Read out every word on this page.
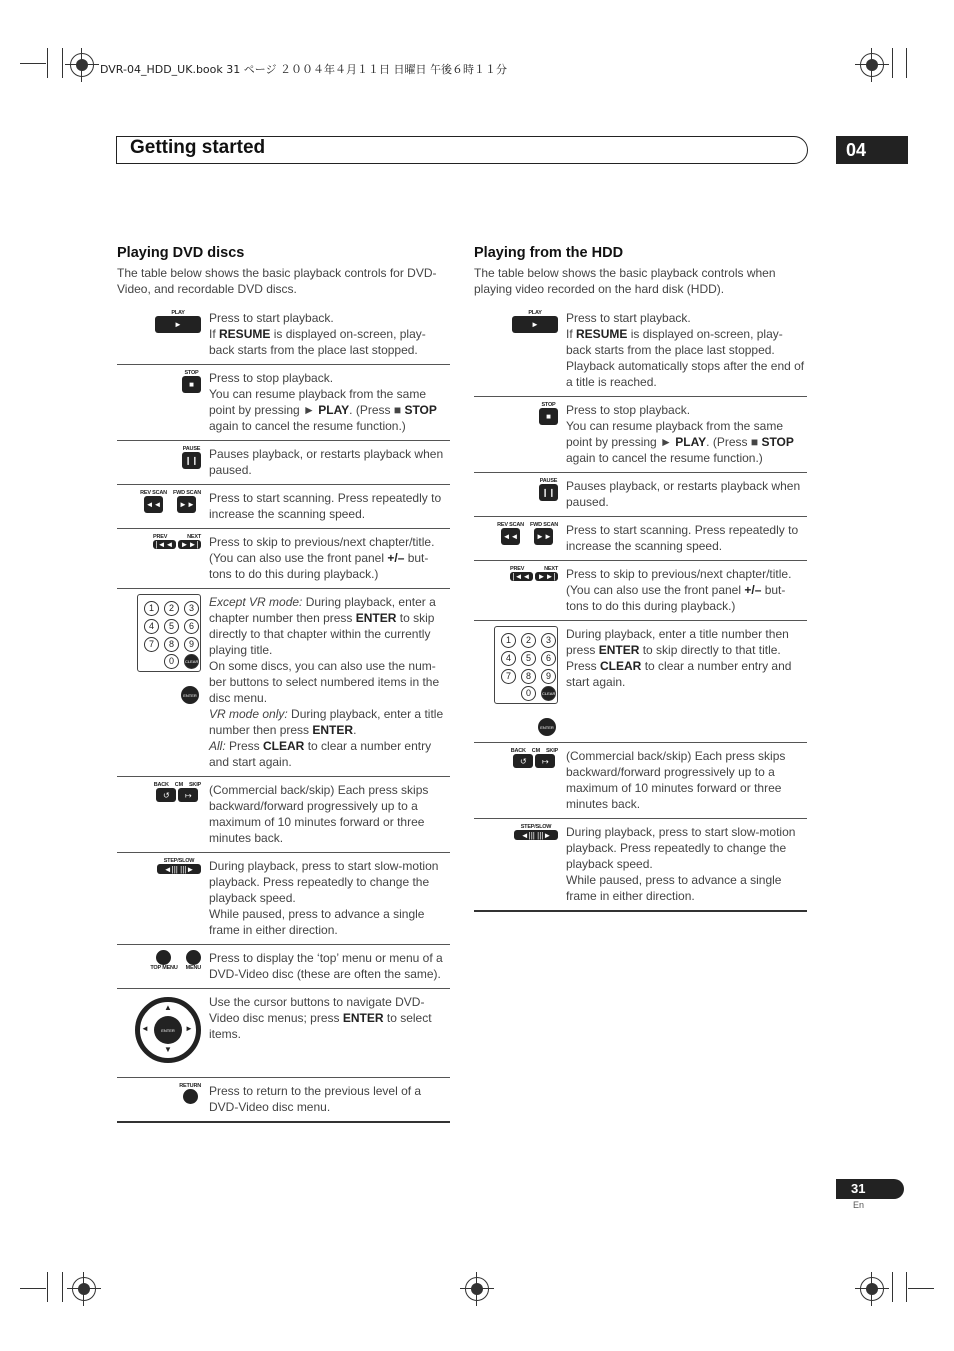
DVR-04_HDD_UK.book 31 ページ ２００４年４月１１日 日曜日 午後６時１１分
Getting started	04
Playing DVD discs
The table below shows the basic playback controls for DVD-Video, and recordable DVD discs.
PLAY
►	Press to start playback.

If RESUME is displayed on-screen, play-back starts from the place last stopped.

STOP
■	Press to stop playback.

You can resume playback from the same point by pressing ► PLAY. (Press ■ STOP again to cancel the resume function.)

PAUSE
❙❙ Pauses playback, or restarts playback when paused.

REV SCAN
◄◄
FWD SCAN
►► Press to start scanning. Press repeatedly to increase the scanning speed.

PREV	NEXT
|◄◄ ►►| Press to skip to previous/next chapter/title. (You can also use the front panel +/– but-tons to do this during playback.)

1	2	3
4	5	6
7	8	9
0	CLEAR
ENTER

Except VR mode: During playback, enter a chapter number then press ENTER to skip directly to that chapter within the currently playing title.

On some discs, you can also use the num-ber buttons to select numbered items in the disc menu.

VR mode only: During playback, enter a title number then press ENTER.

All: Press CLEAR to clear a number entry and start again.

BACK CM SKIP
↺	↦	(Commercial back/skip) Each press skips backward/forward progressively up to a maximum of 10 minutes forward or three minutes back.

STEP/SLOW
◄||| |||►	During playback, press to start slow-motion playback. Press repeatedly to change the playback speed.

While paused, press to advance a single frame in either direction.

TOP MENU MENU

Press to display the ‘top’ menu or menu of a DVD-Video disc (these are often the same).

▲
▼
◄	►
ENTER

Use the cursor buttons to navigate DVD-Video disc menus; press ENTER to select items.

RETURN Press to return to the previous level of a DVD-Video disc menu.

Playing from the HDD
The table below shows the basic playback controls when playing video recorded on the hard disk (HDD).
PLAY
►	Press to start playback.

If RESUME is displayed on-screen, play-back starts from the place last stopped. Playback automatically stops after the end of a title is reached.

STOP
■	Press to stop playback.

You can resume playback from the same point by pressing ► PLAY. (Press ■ STOP again to cancel the resume function.)

PAUSE
❙❙ Pauses playback, or restarts playback when paused.

REV SCAN
◄◄
FWD SCAN
►► Press to start scanning. Press repeatedly to increase the scanning speed.

PREV	NEXT
|◄◄ ►►| Press to skip to previous/next chapter/title. (You can also use the front panel +/– but-tons to do this during playback.)

1	2	3
4	5	6
7	8	9
0	CLEAR
ENTER

During playback, enter a title number then press ENTER to skip directly to that title. Press CLEAR to clear a number entry and start again.

BACK CM SKIP
↺	↦	(Commercial back/skip) Each press skips backward/forward progressively up to a maximum of 10 minutes forward or three minutes back.

STEP/SLOW
◄||| |||►	During playback, press to start slow-motion playback. Press repeatedly to change the playback speed.

While paused, press to advance a single frame in either direction.

31
En
